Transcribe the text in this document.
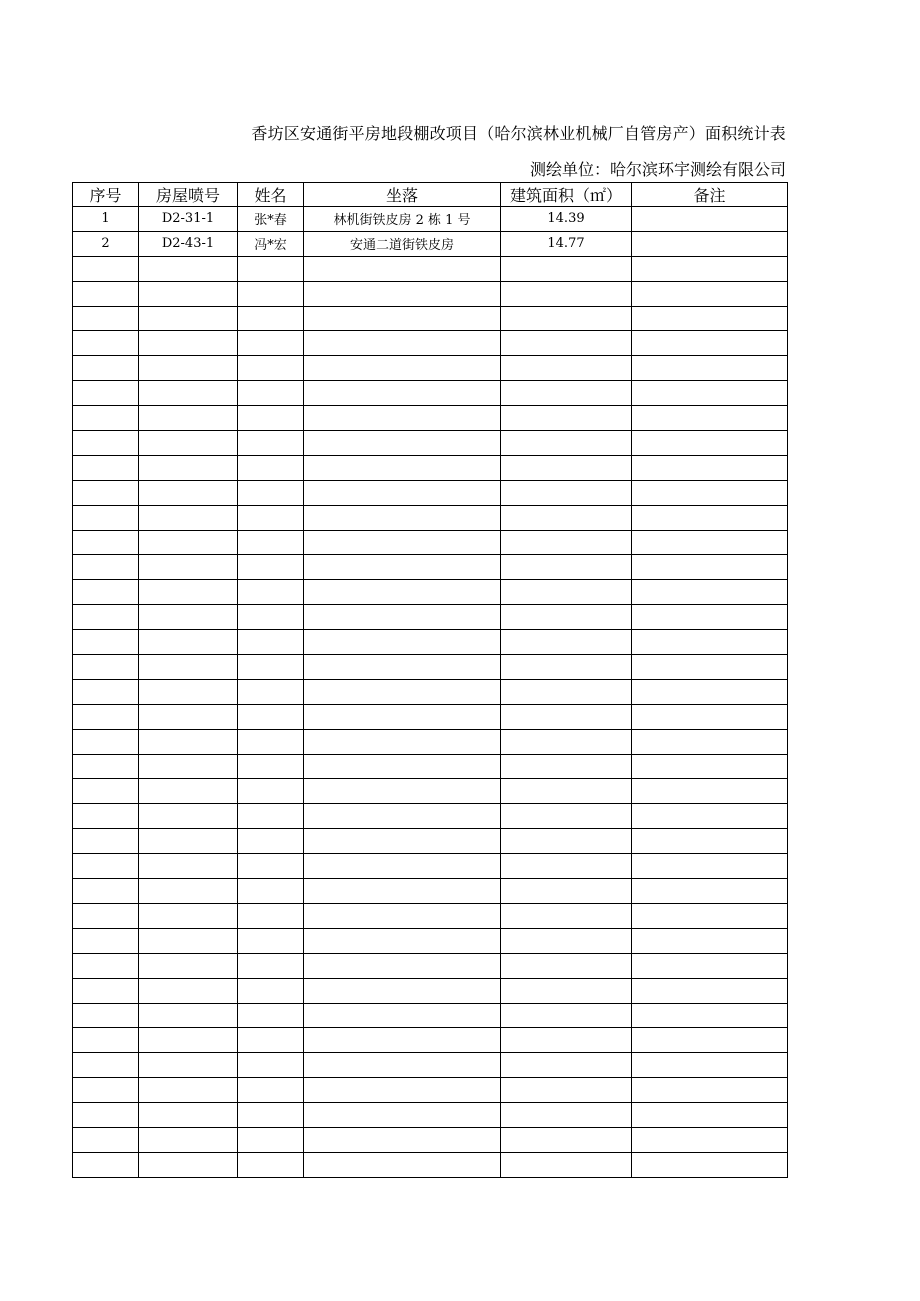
香坊区安通街平房地段棚改项目（哈尔滨林业机械厂自管房产）面积统计表
测绘单位：哈尔滨环宇测绘有限公司
序号	房屋喷号	姓名	坐落	建筑面积（㎡）	备注
1	D2-31-1	张*春	林机街铁皮房 2 栋 1 号	14.39	
2	D2-43-1	冯*宏	安通二道街铁皮房	14.77	
